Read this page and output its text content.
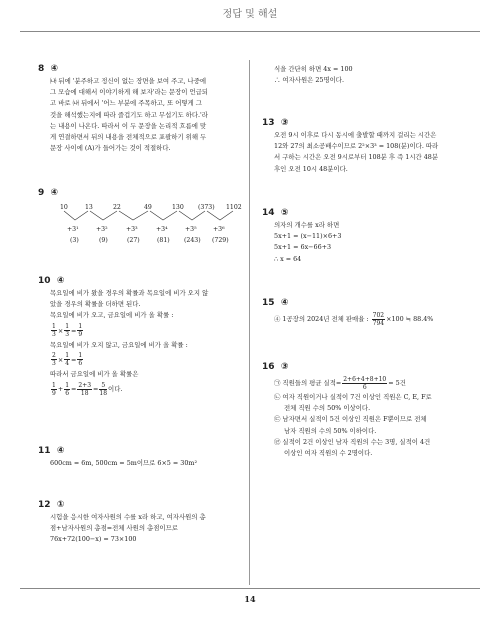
정답 및 해설
8 ④
㈏ 뒤에 '분주하고 정신이 없는 장면을 보여 주고, 나중에
그 모습에 대해서 이야기하게 해 보자'라는 문장이 언급되
고 바로 ㈏ 뒤에서 '어느 부분에 주목하고, 또 어떻게 그
것을 해석했는지에 따라 즐겁기도 하고 무섭기도 하다.'라
는 내용이 나온다. 따라서 이 두 문장을 논리적 흐름에 맞
게 연결하면서 뒤의 내용을 전체적으로 포괄하기 위해 두
문장 사이에 (A)가 들어가는 것이 적절하다.
9 ④
10	13	22	49	130 (373) 1102
+3¹	+3²	+3³	+3⁴	+3⁵	+3⁶
(3)	(9)	(27)	(81) (243) (729)
10 ④
목요일에 비가 왔을 경우의 확률과 목요일에 비가 오지 않
았을 경우의 확률을 더하면 된다.
목요일에 비가 오고, 금요일에 비가 올 확률 :
$\frac{1}{3} \times \frac{1}{3} = \frac{1}{9}$
목요일에 비가 오지 않고, 금요일에 비가 올 확률 :
$\frac{2}{3} \times \frac{1}{4} = \frac{1}{6}$
따라서 금요일에 비가 올 확률은
$\frac{1}{9} + \frac{1}{6} = \frac{2+3}{18} = \frac{5}{18}$ 이다.
11 ④
600cm = 6m, 500cm = 5m이므로 6×5 = 30m²
12 ①
시험을 응시한 여자사원의 수를 x라 하고, 여자사원의 총
점+남자사원의 총점=전체 사원의 총점이므로
76x+72(100−x) = 73×100
식을 간단히 하면 4x = 100
∴ 여자사원은 25명이다.
13 ③
오전 9시 이후로 다시 동시에 출발할 때까지 걸리는 시간은
12와 27의 최소공배수이므로 2²×3³ = 108(분)이다. 따라
서 구하는 시간은 오전 9시로부터 108분 후 즉 1시간 48분
후인 오전 10시 48분이다.
14 ⑤
의자의 개수를 x라 하면
5x+1 = (x−11)×6+3
5x+1 = 6x−66+3
∴ x = 64
15 ④
④ 1공장의 2024년 전체 판매율 : $\frac{702}{794} \times 100$ ≒ 88.4%
16 ③
㉠ 직원들의 평균 실적= $\frac{2+6+4+8+10}{6} = 5$건
㉡ 여자 직원이거나 실적이 7건 이상인 직원은 C, E, F로
전체 직원 수의 50% 이상이다.
㉢ 남자면서 실적이 5건 이상인 직원은 F뿐이므로 전체
남자 직원의 수의 50% 이하이다.
㉣ 실적이 2건 이상인 남자 직원의 수는 3명, 실적이 4건
이상인 여자 직원의 수 2명이다.
14
